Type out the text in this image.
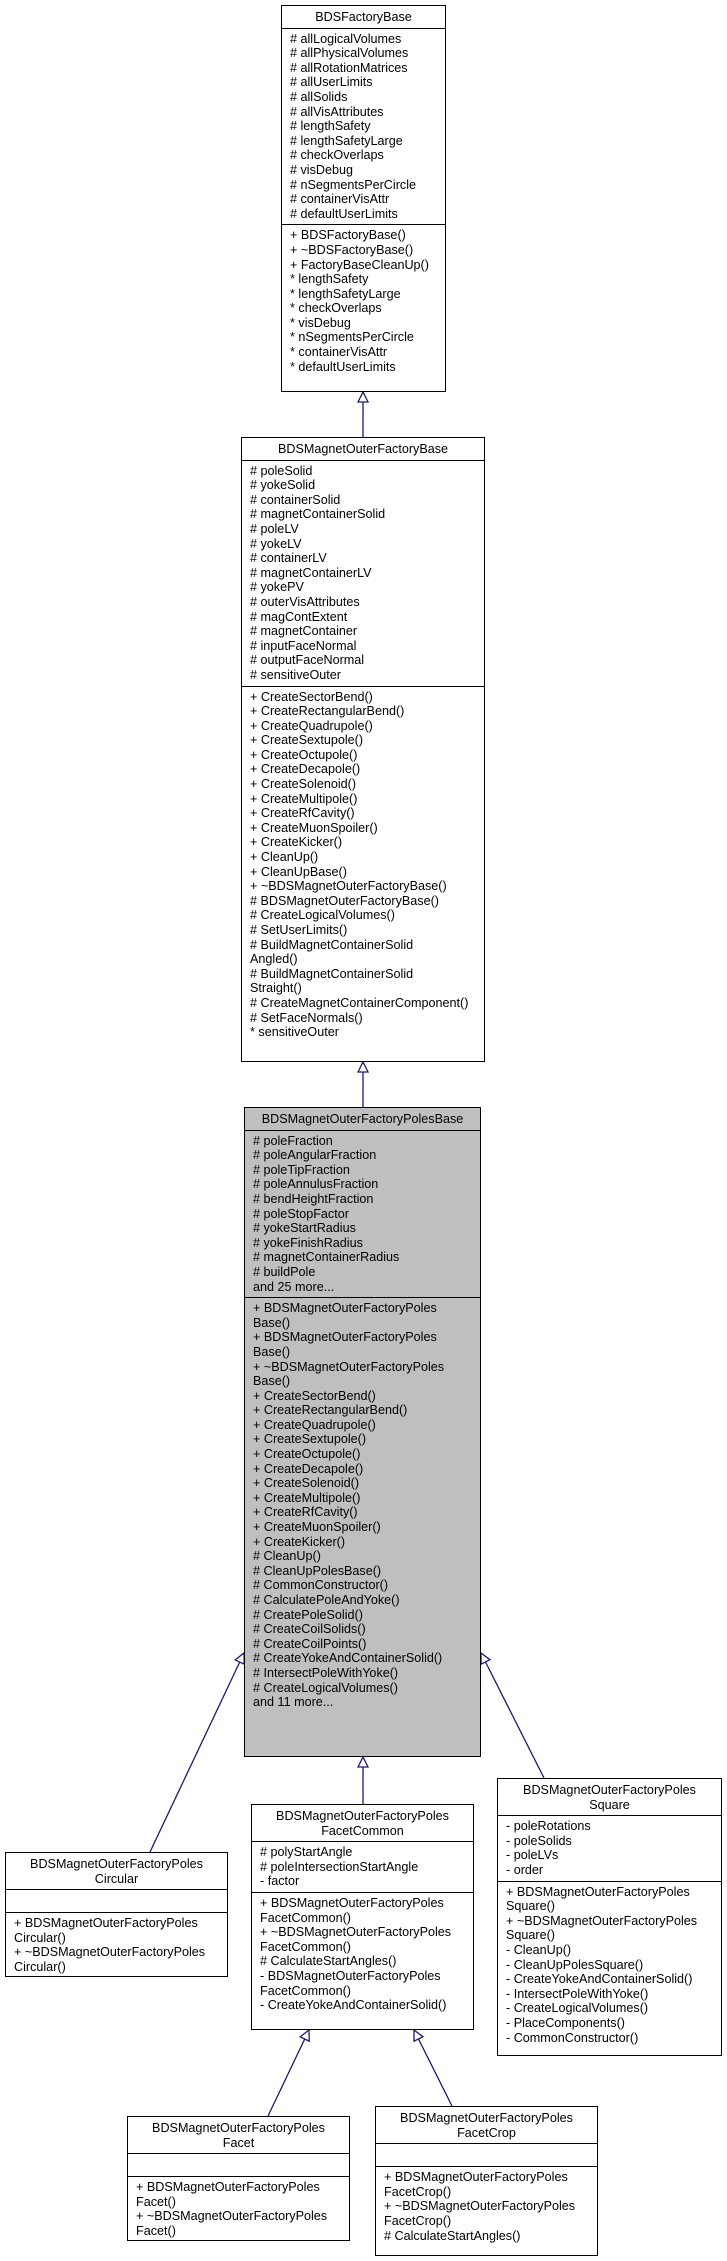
BDSFactoryBase
# allLogicalVolumes
# allPhysicalVolumes
# allRotationMatrices
# allUserLimits
# allSolids
# allVisAttributes
# lengthSafety
# lengthSafetyLarge
# checkOverlaps
# visDebug
# nSegmentsPerCircle
# containerVisAttr
# defaultUserLimits
+ BDSFactoryBase()
+ ~BDSFactoryBase()
+ FactoryBaseCleanUp()
* lengthSafety
* lengthSafetyLarge
* checkOverlaps
* visDebug
* nSegmentsPerCircle
* containerVisAttr
* defaultUserLimits
BDSMagnetOuterFactoryBase
# poleSolid
# yokeSolid
# containerSolid
# magnetContainerSolid
# poleLV
# yokeLV
# containerLV
# magnetContainerLV
# yokePV
# outerVisAttributes
# magContExtent
# magnetContainer
# inputFaceNormal
# outputFaceNormal
# sensitiveOuter
+ CreateSectorBend()
+ CreateRectangularBend()
+ CreateQuadrupole()
+ CreateSextupole()
+ CreateOctupole()
+ CreateDecapole()
+ CreateSolenoid()
+ CreateMultipole()
+ CreateRfCavity()
+ CreateMuonSpoiler()
+ CreateKicker()
+ CleanUp()
+ CleanUpBase()
+ ~BDSMagnetOuterFactoryBase()
# BDSMagnetOuterFactoryBase()
# CreateLogicalVolumes()
# SetUserLimits()
# BuildMagnetContainerSolid
Angled()
# BuildMagnetContainerSolid
Straight()
# CreateMagnetContainerComponent()
# SetFaceNormals()
* sensitiveOuter
BDSMagnetOuterFactoryPolesBase
# poleFraction
# poleAngularFraction
# poleTipFraction
# poleAnnulusFraction
# bendHeightFraction
# poleStopFactor
# yokeStartRadius
# yokeFinishRadius
# magnetContainerRadius
# buildPole
and 25 more...
+ BDSMagnetOuterFactoryPoles
Base()
+ BDSMagnetOuterFactoryPoles
Base()
+ ~BDSMagnetOuterFactoryPoles
Base()
+ CreateSectorBend()
+ CreateRectangularBend()
+ CreateQuadrupole()
+ CreateSextupole()
+ CreateOctupole()
+ CreateDecapole()
+ CreateSolenoid()
+ CreateMultipole()
+ CreateRfCavity()
+ CreateMuonSpoiler()
+ CreateKicker()
# CleanUp()
# CleanUpPolesBase()
# CommonConstructor()
# CalculatePoleAndYoke()
# CreatePoleSolid()
# CreateCoilSolids()
# CreateCoilPoints()
# CreateYokeAndContainerSolid()
# IntersectPoleWithYoke()
# CreateLogicalVolumes()
and 11 more...
BDSMagnetOuterFactoryPoles
Circular
+ BDSMagnetOuterFactoryPoles
Circular()
+ ~BDSMagnetOuterFactoryPoles
Circular()
BDSMagnetOuterFactoryPoles
FacetCommon
# polyStartAngle
# poleIntersectionStartAngle
- factor
+ BDSMagnetOuterFactoryPoles
FacetCommon()
+ ~BDSMagnetOuterFactoryPoles
FacetCommon()
# CalculateStartAngles()
- BDSMagnetOuterFactoryPoles
FacetCommon()
- CreateYokeAndContainerSolid()
BDSMagnetOuterFactoryPoles
Square
- poleRotations
- poleSolids
- poleLVs
- order
+ BDSMagnetOuterFactoryPoles
Square()
+ ~BDSMagnetOuterFactoryPoles
Square()
- CleanUp()
- CleanUpPolesSquare()
- CreateYokeAndContainerSolid()
- IntersectPoleWithYoke()
- CreateLogicalVolumes()
- PlaceComponents()
- CommonConstructor()
BDSMagnetOuterFactoryPoles
Facet
+ BDSMagnetOuterFactoryPoles
Facet()
+ ~BDSMagnetOuterFactoryPoles
Facet()
BDSMagnetOuterFactoryPoles
FacetCrop
+ BDSMagnetOuterFactoryPoles
FacetCrop()
+ ~BDSMagnetOuterFactoryPoles
FacetCrop()
# CalculateStartAngles()
